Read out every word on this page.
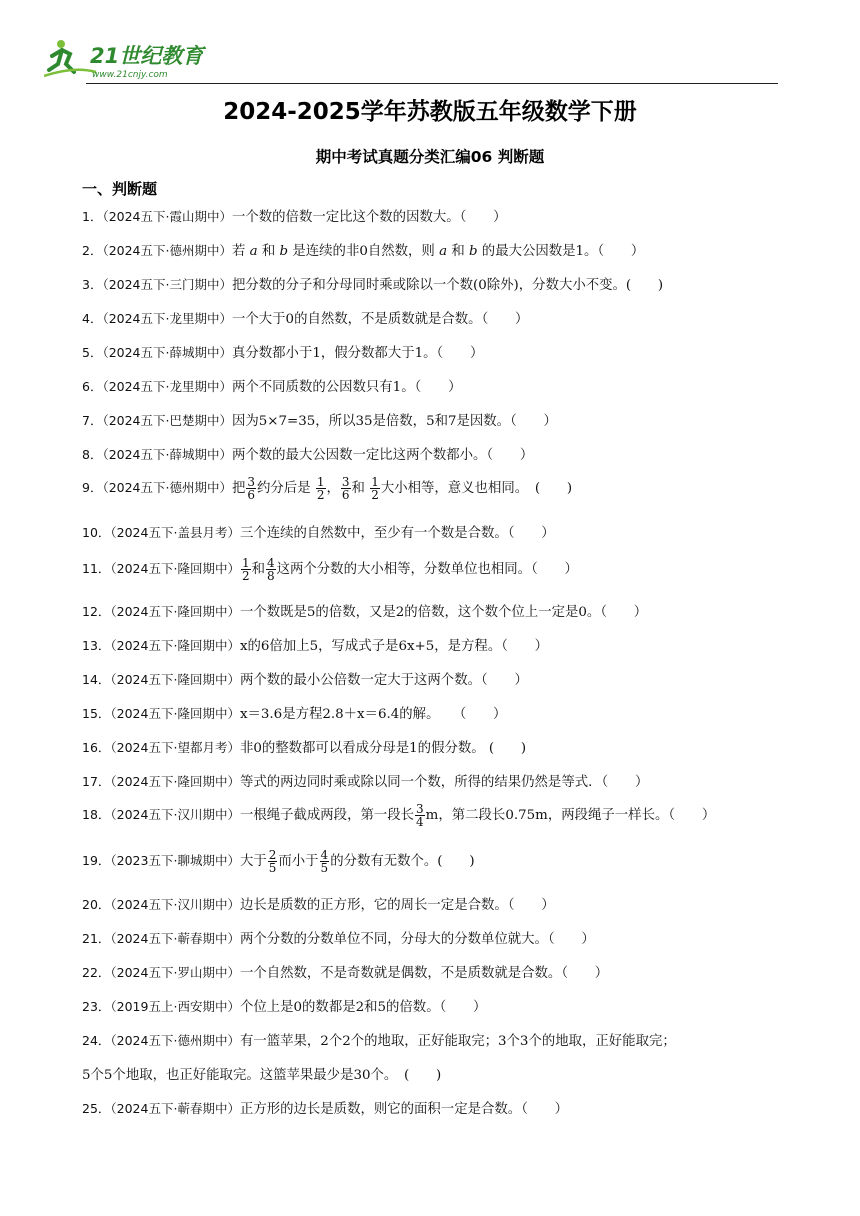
21世纪教育
www.21cnjy.com
2024-2025学年苏教版五年级数学下册
期中考试真题分类汇编06 判断题
一、判断题
1．（2024五下·霞山期中）一个数的倍数一定比这个数的因数大。（　　）
2．（2024五下·德州期中）若 a 和 b 是连续的非0自然数，则 a 和 b 的最大公因数是1。（　　）
3．（2024五下·三门期中）把分数的分子和分母同时乘或除以一个数(0除外)，分数大小不变。(　　)
4．（2024五下·龙里期中）一个大于0的自然数，不是质数就是合数。（　　）
5．（2024五下·薛城期中）真分数都小于1，假分数都大于1。（　　）
6．（2024五下·龙里期中）两个不同质数的公因数只有1。（　　）
7．（2024五下·巴楚期中）因为5×7=35，所以35是倍数，5和7是因数。（　　）
8．（2024五下·薛城期中）两个数的最大公因数一定比这两个数都小。（　　）
9．（2024五下·德州期中）把 $\frac{3}{6}$ 约分后是 $\frac{1}{2}$ ， $\frac{3}{6}$ 和 $\frac{1}{2}$ 大小相等，意义也相同。　(　　)
10．（2024五下·盖县月考）三个连续的自然数中，至少有一个数是合数。（　　）
11．（2024五下·隆回期中） $\frac{1}{2}$ 和 $\frac{4}{8}$ 这两个分数的大小相等，分数单位也相同。（　　）
12．（2024五下·隆回期中）一个数既是5的倍数，又是2的倍数，这个数个位上一定是0。（　　）
13．（2024五下·隆回期中）x的6倍加上5，写成式子是6x+5，是方程。（　　）
14．（2024五下·隆回期中）两个数的最小公倍数一定大于这两个数。（　　）
15．（2024五下·隆回期中）x＝3.6是方程2.8＋x＝6.4的解。　　（　　）
16．（2024五下·望都月考）非0的整数都可以看成分母是1的假分数。 (　　)
17．（2024五下·隆回期中）等式的两边同时乘或除以同一个数，所得的结果仍然是等式．（　　）
18．（2024五下·汉川期中）一根绳子截成两段，第一段长 $\frac{3}{4}$ m，第二段长0.75m，两段绳子一样长。（　　）
19．（2023五下·聊城期中）大于 $\frac{2}{5}$ 而小于 $\frac{4}{5}$ 的分数有无数个。(　　)
20．（2024五下·汉川期中）边长是质数的正方形，它的周长一定是合数。（　　）
21．（2024五下·蕲春期中）两个分数的分数单位不同，分母大的分数单位就大。（　　）
22．（2024五下·罗山期中）一个自然数，不是奇数就是偶数，不是质数就是合数。（　　）
23．（2019五上·西安期中）个位上是0的数都是2和5的倍数。（　　）
24．（2024五下·德州期中）有一篮苹果，2个2个的地取，正好能取完；3个3个的地取，正好能取完；
5个5个地取，也正好能取完。这篮苹果最少是30个。　(　　)
25．（2024五下·蕲春期中）正方形的边长是质数，则它的面积一定是合数。（　　）
